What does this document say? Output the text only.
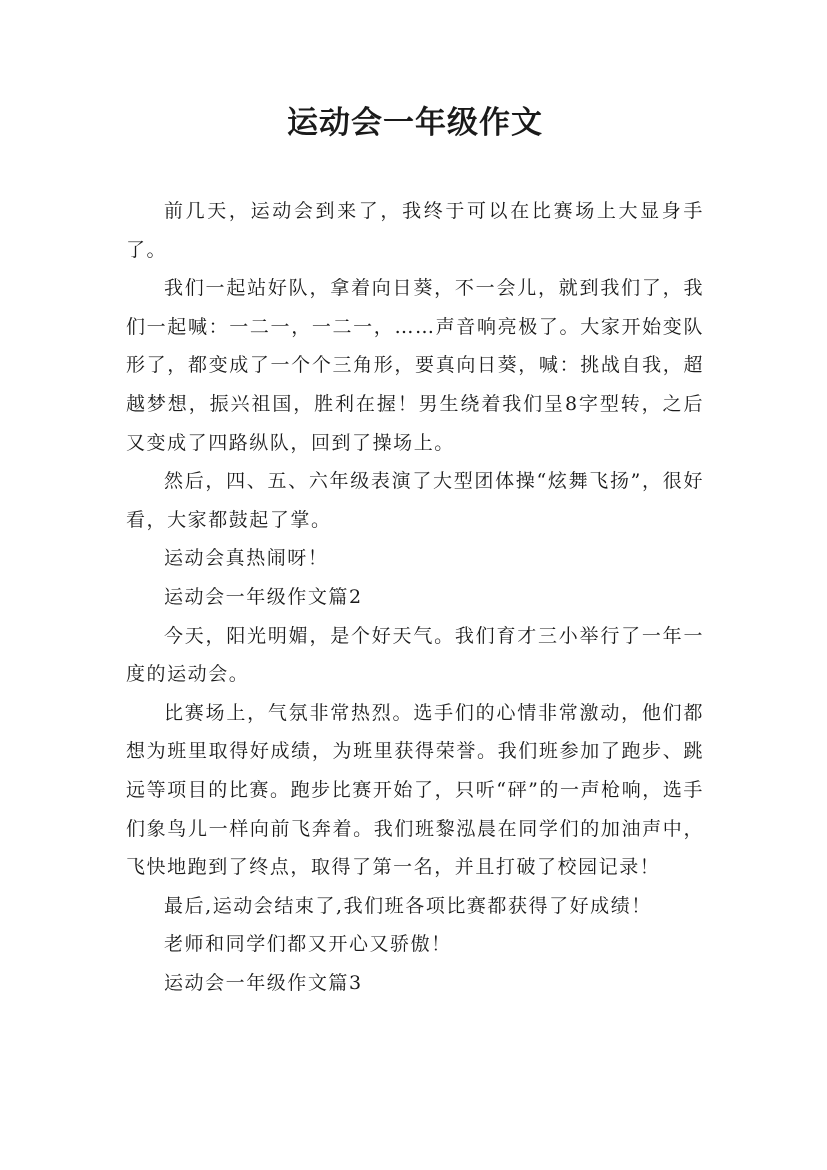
运动会一年级作文

前几天，运动会到来了，我终于可以在比赛场上大显身手了。

我们一起站好队，拿着向日葵，不一会儿，就到我们了，我们一起喊：一二一，一二一，……声音响亮极了。大家开始变队形了，都变成了一个个三角形，要真向日葵，喊：挑战自我，超越梦想，振兴祖国，胜利在握！男生绕着我们呈8字型转，之后又变成了四路纵队，回到了操场上。

然后，四、五、六年级表演了大型团体操“炫舞飞扬”，很好看，大家都鼓起了掌。

运动会真热闹呀！

运动会一年级作文篇2

今天，阳光明媚，是个好天气。我们育才三小举行了一年一度的运动会。

比赛场上，气氛非常热烈。选手们的心情非常激动，他们都想为班里取得好成绩，为班里获得荣誉。我们班参加了跑步、跳远等项目的比赛。跑步比赛开始了，只听“砰”的一声枪响，选手们象鸟儿一样向前飞奔着。我们班黎泓晨在同学们的加油声中，飞快地跑到了终点，取得了第一名，并且打破了校园记录！

最后,运动会结束了,我们班各项比赛都获得了好成绩！

老师和同学们都又开心又骄傲！

运动会一年级作文篇3
